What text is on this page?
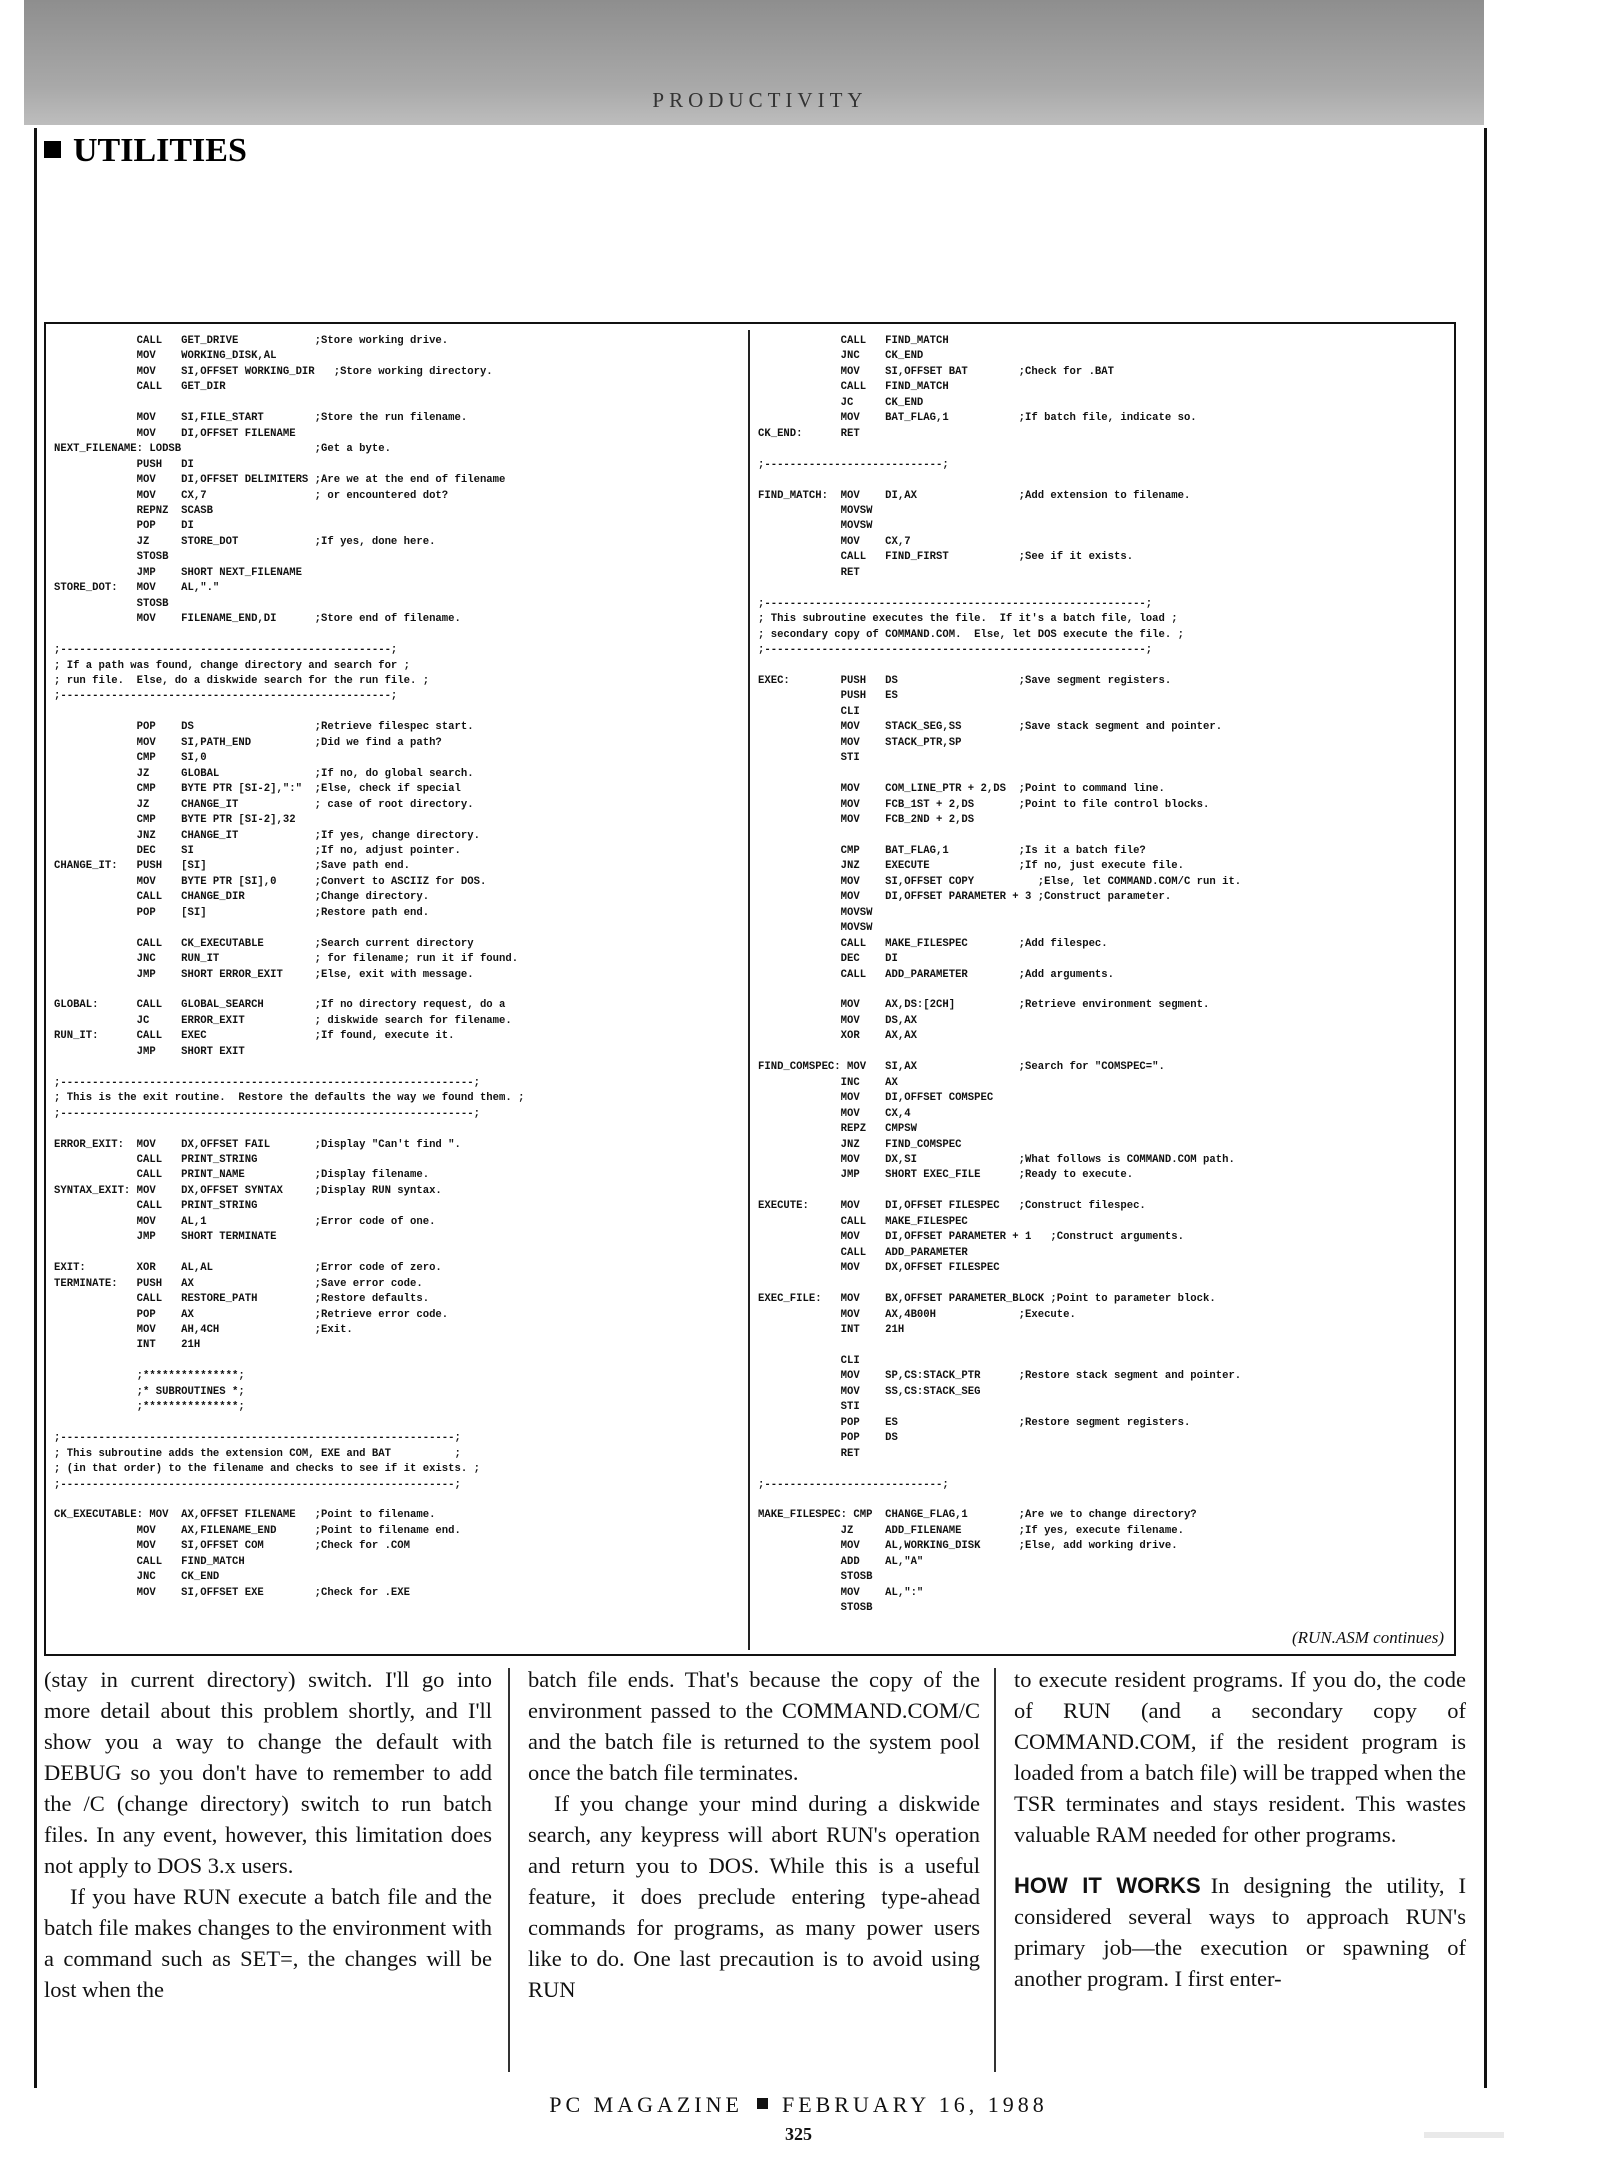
PRODUCTIVITY
UTILITIES
CALL   GET_DRIVE            ;Store working drive.
MOV    WORKING_DISK,AL
MOV    SI,OFFSET WORKING_DIR   ;Store working directory.
CALL   GET_DIR

MOV    SI,FILE_START        ;Store the run filename.
MOV    DI,OFFSET FILENAME
NEXT_FILENAME: LODSB                     ;Get a byte.
PUSH   DI
MOV    DI,OFFSET DELIMITERS ;Are we at the end of filename
MOV    CX,7                 ; or encountered dot?
REPNZ  SCASB
POP    DI
JZ     STORE_DOT            ;If yes, done here.
STOSB
JMP    SHORT NEXT_FILENAME
STORE_DOT:   MOV    AL,"."
STOSB
MOV    FILENAME_END,DI      ;Store end of filename.

;----------------------------------------------------;
; If a path was found, change directory and search for ;
; run file.  Else, do a diskwide search for the run file. ;
;----------------------------------------------------;

POP    DS                   ;Retrieve filespec start.
MOV    SI,PATH_END          ;Did we find a path?
CMP    SI,0
JZ     GLOBAL               ;If no, do global search.
CMP    BYTE PTR [SI-2],":"  ;Else, check if special
JZ     CHANGE_IT            ; case of root directory.
CMP    BYTE PTR [SI-2],32
JNZ    CHANGE_IT            ;If yes, change directory.
DEC    SI                   ;If no, adjust pointer.
CHANGE_IT:   PUSH   [SI]                 ;Save path end.
MOV    BYTE PTR [SI],0      ;Convert to ASCIIZ for DOS.
CALL   CHANGE_DIR           ;Change directory.
POP    [SI]                 ;Restore path end.

CALL   CK_EXECUTABLE        ;Search current directory
JNC    RUN_IT               ; for filename; run it if found.
JMP    SHORT ERROR_EXIT     ;Else, exit with message.

GLOBAL:      CALL   GLOBAL_SEARCH        ;If no directory request, do a
JC     ERROR_EXIT           ; diskwide search for filename.
RUN_IT:      CALL   EXEC                 ;If found, execute it.
JMP    SHORT EXIT

;-----------------------------------------------------------------;
; This is the exit routine.  Restore the defaults the way we found them. ;
;-----------------------------------------------------------------;

ERROR_EXIT:  MOV    DX,OFFSET FAIL       ;Display "Can't find ".
CALL   PRINT_STRING
CALL   PRINT_NAME           ;Display filename.
SYNTAX_EXIT: MOV    DX,OFFSET SYNTAX     ;Display RUN syntax.
CALL   PRINT_STRING
MOV    AL,1                 ;Error code of one.
JMP    SHORT TERMINATE

EXIT:        XOR    AL,AL                ;Error code of zero.
TERMINATE:   PUSH   AX                   ;Save error code.
CALL   RESTORE_PATH         ;Restore defaults.
POP    AX                   ;Retrieve error code.
MOV    AH,4CH               ;Exit.
INT    21H

;***************;
;* SUBROUTINES *;
;***************;

;--------------------------------------------------------------;
; This subroutine adds the extension COM, EXE and BAT          ;
; (in that order) to the filename and checks to see if it exists. ;
;--------------------------------------------------------------;

CK_EXECUTABLE: MOV  AX,OFFSET FILENAME   ;Point to filename.
MOV    AX,FILENAME_END      ;Point to filename end.
MOV    SI,OFFSET COM        ;Check for .COM
CALL   FIND_MATCH
JNC    CK_END
MOV    SI,OFFSET EXE        ;Check for .EXE
CALL   FIND_MATCH
JNC    CK_END
MOV    SI,OFFSET BAT        ;Check for .BAT
CALL   FIND_MATCH
JC     CK_END
MOV    BAT_FLAG,1           ;If batch file, indicate so.
CK_END:      RET

;----------------------------;

FIND_MATCH:  MOV    DI,AX                ;Add extension to filename.
MOVSW
MOVSW
MOV    CX,7
CALL   FIND_FIRST           ;See if it exists.
RET

;------------------------------------------------------------;
; This subroutine executes the file.  If it's a batch file, load ;
; secondary copy of COMMAND.COM.  Else, let DOS execute the file. ;
;------------------------------------------------------------;

EXEC:        PUSH   DS                   ;Save segment registers.
PUSH   ES
CLI
MOV    STACK_SEG,SS         ;Save stack segment and pointer.
MOV    STACK_PTR,SP
STI

MOV    COM_LINE_PTR + 2,DS  ;Point to command line.
MOV    FCB_1ST + 2,DS       ;Point to file control blocks.
MOV    FCB_2ND + 2,DS

CMP    BAT_FLAG,1           ;Is it a batch file?
JNZ    EXECUTE              ;If no, just execute file.
MOV    SI,OFFSET COPY          ;Else, let COMMAND.COM/C run it.
MOV    DI,OFFSET PARAMETER + 3 ;Construct parameter.
MOVSW
MOVSW
CALL   MAKE_FILESPEC        ;Add filespec.
DEC    DI
CALL   ADD_PARAMETER        ;Add arguments.

MOV    AX,DS:[2CH]          ;Retrieve environment segment.
MOV    DS,AX
XOR    AX,AX

FIND_COMSPEC: MOV   SI,AX                ;Search for "COMSPEC=".
INC    AX
MOV    DI,OFFSET COMSPEC
MOV    CX,4
REPZ   CMPSW
JNZ    FIND_COMSPEC
MOV    DX,SI                ;What follows is COMMAND.COM path.
JMP    SHORT EXEC_FILE      ;Ready to execute.

EXECUTE:     MOV    DI,OFFSET FILESPEC   ;Construct filespec.
CALL   MAKE_FILESPEC
MOV    DI,OFFSET PARAMETER + 1   ;Construct arguments.
CALL   ADD_PARAMETER
MOV    DX,OFFSET FILESPEC

EXEC_FILE:   MOV    BX,OFFSET PARAMETER_BLOCK ;Point to parameter block.
MOV    AX,4B00H             ;Execute.
INT    21H

CLI
MOV    SP,CS:STACK_PTR      ;Restore stack segment and pointer.
MOV    SS,CS:STACK_SEG
STI
POP    ES                   ;Restore segment registers.
POP    DS
RET

;----------------------------;

MAKE_FILESPEC: CMP  CHANGE_FLAG,1        ;Are we to change directory?
JZ     ADD_FILENAME         ;If yes, execute filename.
MOV    AL,WORKING_DISK      ;Else, add working drive.
ADD    AL,"A"
STOSB
MOV    AL,":"
STOSB
(RUN.ASM continues)

(stay in current directory) switch. I'll go into more detail about this problem shortly, and I'll show you a way to change the default with DEBUG so you don't have to remember to add the /C (change directory) switch to run batch files. In any event, however, this limitation does not apply to DOS 3.x users.

If you have RUN execute a batch file and the batch file makes changes to the environment with a command such as SET=, the changes will be lost when the

batch file ends. That's because the copy of the environment passed to the COMMAND.COM/C and the batch file is returned to the system pool once the batch file terminates.

If you change your mind during a diskwide search, any keypress will abort RUN's operation and return you to DOS. While this is a useful feature, it does preclude entering type-ahead commands for programs, as many power users like to do. One last precaution is to avoid using RUN

to execute resident programs. If you do, the code of RUN (and a secondary copy of COMMAND.COM, if the resident program is loaded from a batch file) will be trapped when the TSR terminates and stays resident. This wastes valuable RAM needed for other programs.

HOW IT WORKS In designing the utility, I considered several ways to approach RUN's primary job—the execution or spawning of another program. I first enter-

PC MAGAZINE FEBRUARY 16, 1988
325
